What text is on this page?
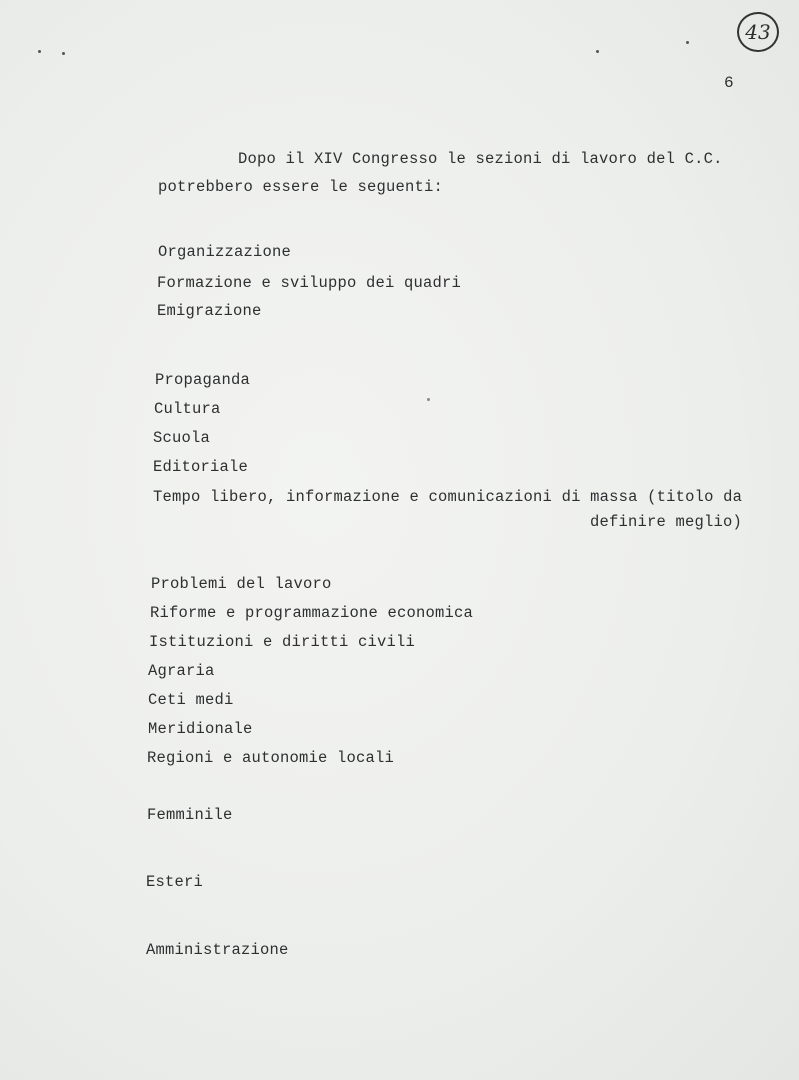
43
6
Dopo il XIV Congresso le sezioni di lavoro del C.C.
potrebbero essere le seguenti:
Organizzazione
Formazione e sviluppo dei quadri
Emigrazione
Propaganda
Cultura
Scuola
Editoriale
Tempo libero, informazione e comunicazioni di massa (titolo da
definire meglio)
Problemi del lavoro
Riforme e programmazione economica
Istituzioni e diritti civili
Agraria
Ceti medi
Meridionale
Regioni e autonomie locali
Femminile
Esteri
Amministrazione
